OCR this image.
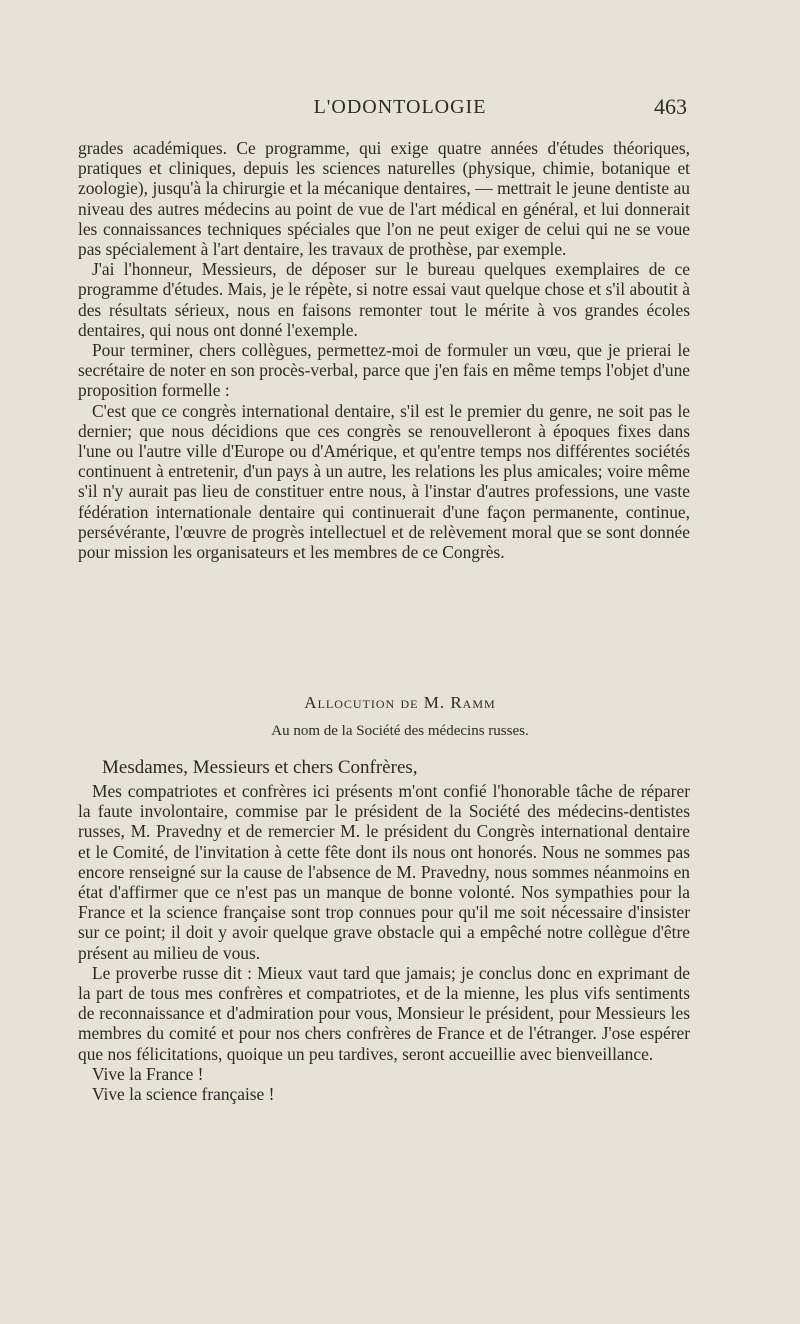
L'ODONTOLOGIE	463

grades académiques. Ce programme, qui exige quatre années d'études théoriques, pratiques et cliniques, depuis les sciences naturelles (physique, chimie, botanique et zoologie), jusqu'à la chirurgie et la mécanique dentaires, — mettrait le jeune dentiste au niveau des autres médecins au point de vue de l'art médical en général, et lui donnerait les connaissances techniques spéciales que l'on ne peut exiger de celui qui ne se voue pas spécialement à l'art dentaire, les travaux de prothèse, par exemple.

J'ai l'honneur, Messieurs, de déposer sur le bureau quelques exemplaires de ce programme d'études. Mais, je le répète, si notre essai vaut quelque chose et s'il aboutit à des résultats sérieux, nous en faisons remonter tout le mérite à vos grandes écoles dentaires, qui nous ont donné l'exemple.

Pour terminer, chers collègues, permettez-moi de formuler un vœu, que je prierai le secrétaire de noter en son procès-verbal, parce que j'en fais en même temps l'objet d'une proposition formelle :

C'est que ce congrès international dentaire, s'il est le premier du genre, ne soit pas le dernier; que nous décidions que ces congrès se renouvelleront à époques fixes dans l'une ou l'autre ville d'Europe ou d'Amérique, et qu'entre temps nos différentes sociétés continuent à entretenir, d'un pays à un autre, les relations les plus amicales; voire même s'il n'y aurait pas lieu de constituer entre nous, à l'instar d'autres professions, une vaste fédération internationale dentaire qui continuerait d'une façon permanente, continue, persévérante, l'œuvre de progrès intellectuel et de relèvement moral que se sont donnée pour mission les organisateurs et les membres de ce Congrès.

Allocution de M. Ramm
Au nom de la Société des médecins russes.
Mesdames, Messieurs et chers Confrères,

Mes compatriotes et confrères ici présents m'ont confié l'honorable tâche de réparer la faute involontaire, commise par le président de la Société des médecins-dentistes russes, M. Pravedny et de remercier M. le président du Congrès international dentaire et le Comité, de l'invitation à cette fête dont ils nous ont honorés. Nous ne sommes pas encore renseigné sur la cause de l'absence de M. Pravedny, nous sommes néanmoins en état d'affirmer que ce n'est pas un manque de bonne volonté. Nos sympathies pour la France et la science française sont trop connues pour qu'il me soit nécessaire d'insister sur ce point; il doit y avoir quelque grave obstacle qui a empêché notre collègue d'être présent au milieu de vous.

Le proverbe russe dit : Mieux vaut tard que jamais; je conclus donc en exprimant de la part de tous mes confrères et compatriotes, et de la mienne, les plus vifs sentiments de reconnaissance et d'admiration pour vous, Monsieur le président, pour Messieurs les membres du comité et pour nos chers confrères de France et de l'étranger. J'ose espérer que nos félicitations, quoique un peu tardives, seront accueillie avec bienveillance.

Vive la France !

Vive la science française !
